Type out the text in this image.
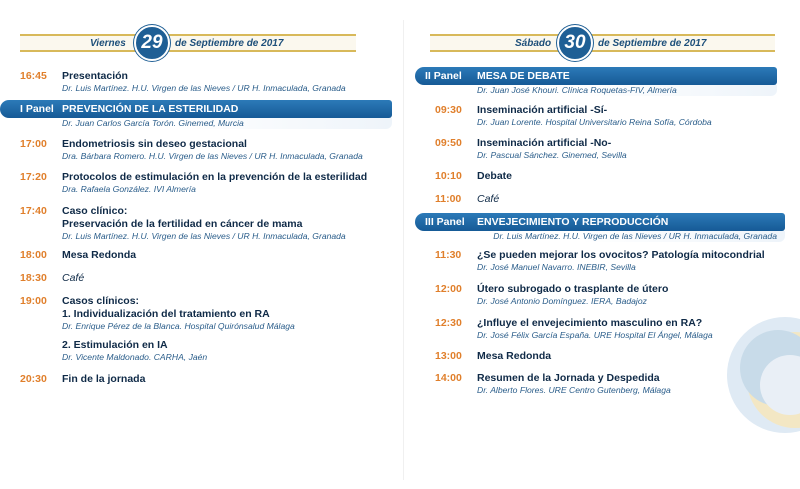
Viernes 29	de Septiembre de 2017
16:45	Presentación
Dr. Luis Martínez. H.U. Virgen de las Nieves / UR H. Inmaculada, Granada
I Panel PREVENCIÓN DE LA ESTERILIDAD
Dr. Juan Carlos García Torón. Ginemed, Murcia
17:00	Endometriosis sin deseo gestacional
Dra. Bárbara Romero. H.U. Virgen de las Nieves / UR H. Inmaculada, Granada
17:20	Protocolos de estimulación en la prevención de la esterilidad
Dra. Rafaela González. IVI Almería
17:40	Caso clínico:
Preservación de la fertilidad en cáncer de mama
Dr. Luis Martínez. H.U. Virgen de las Nieves / UR H. Inmaculada, Granada
18:00	Mesa Redonda
18:30	Café
19:00	Casos clínicos:
1. Individualización del tratamiento en RA
Dr. Enrique Pérez de la Blanca. Hospital Quirónsalud Málaga
2. Estimulación en IA
Dr. Vicente Maldonado. CARHA, Jaén
20:30	Fin de la jornada
Sábado 30	de Septiembre de 2017
II Panel MESA DE DEBATE
Dr. Juan José Khouri. Clínica Roquetas-FIV, Almería
09:30	Inseminación artificial -Sí-
Dr. Juan Lorente. Hospital Universitario Reina Sofía, Córdoba
09:50	Inseminación artificial -No-
Dr. Pascual Sánchez. Ginemed, Sevilla
10:10	Debate
11:00	Café
III Panel ENVEJECIMIENTO Y REPRODUCCIÓN
Dr. Luis Martínez. H.U. Virgen de las Nieves / UR H. Inmaculada, Granada
11:30	¿Se pueden mejorar los ovocitos? Patología mitocondrial
Dr. José Manuel Navarro. INEBIR, Sevilla
12:00	Útero subrogado o trasplante de útero
Dr. José Antonio Domínguez. IERA, Badajoz
12:30	¿Influye el envejecimiento masculino en RA?
Dr. José Félix García España. URE Hospital El Ángel, Málaga
13:00	Mesa Redonda
14:00	Resumen de la Jornada y Despedida
Dr. Alberto Flores. URE Centro Gutenberg, Málaga
